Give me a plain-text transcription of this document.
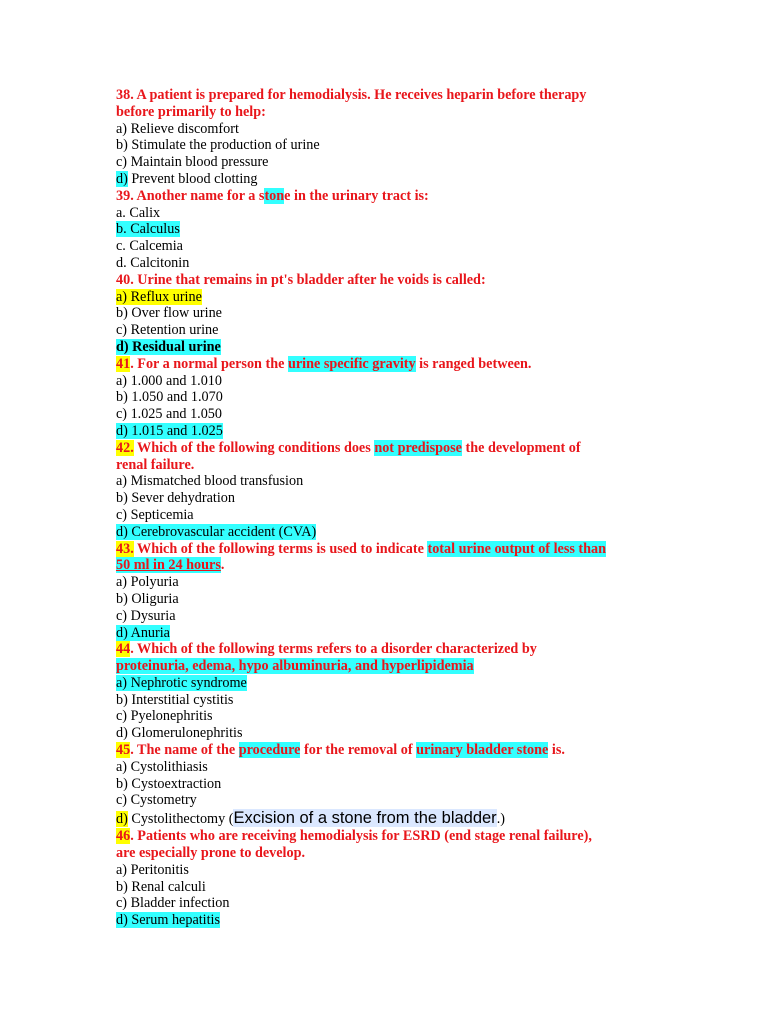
38. A patient is prepared for hemodialysis. He receives heparin before therapy
before primarily to help:
a) Relieve discomfort
b) Stimulate the production of urine
c) Maintain blood pressure
d) Prevent blood clotting
39. Another name for a stone in the urinary tract is:
a. Calix
b. Calculus
c. Calcemia
d. Calcitonin
40. Urine that remains in pt's bladder after he voids is called:
a) Reflux urine
b) Over flow urine
c) Retention urine
d) Residual urine
41. For a normal person the urine specific gravity is ranged between.
a) 1.000 and 1.010
b) 1.050 and 1.070
c) 1.025 and 1.050
d) 1.015 and 1.025
42. Which of the following conditions does not predispose the development of
renal failure.
a) Mismatched blood transfusion
b) Sever dehydration
c) Septicemia
d) Cerebrovascular accident (CVA)
43. Which of the following terms is used to indicate total urine output of less than
50 ml in 24 hours.
a) Polyuria
b) Oliguria
c) Dysuria
d) Anuria
44. Which of the following terms refers to a disorder characterized by
proteinuria, edema, hypo albuminuria, and hyperlipidemia
a) Nephrotic syndrome
b) Interstitial cystitis
c) Pyelonephritis
d) Glomerulonephritis
45. The name of the procedure for the removal of urinary bladder stone is.
a) Cystolithiasis
b) Cystoextraction
c) Cystometry
d) Cystolithectomy (Excision of a stone from the bladder.)
46. Patients who are receiving hemodialysis for ESRD (end stage renal failure),
are especially prone to develop.
a) Peritonitis
b) Renal calculi
c) Bladder infection
d) Serum hepatitis
